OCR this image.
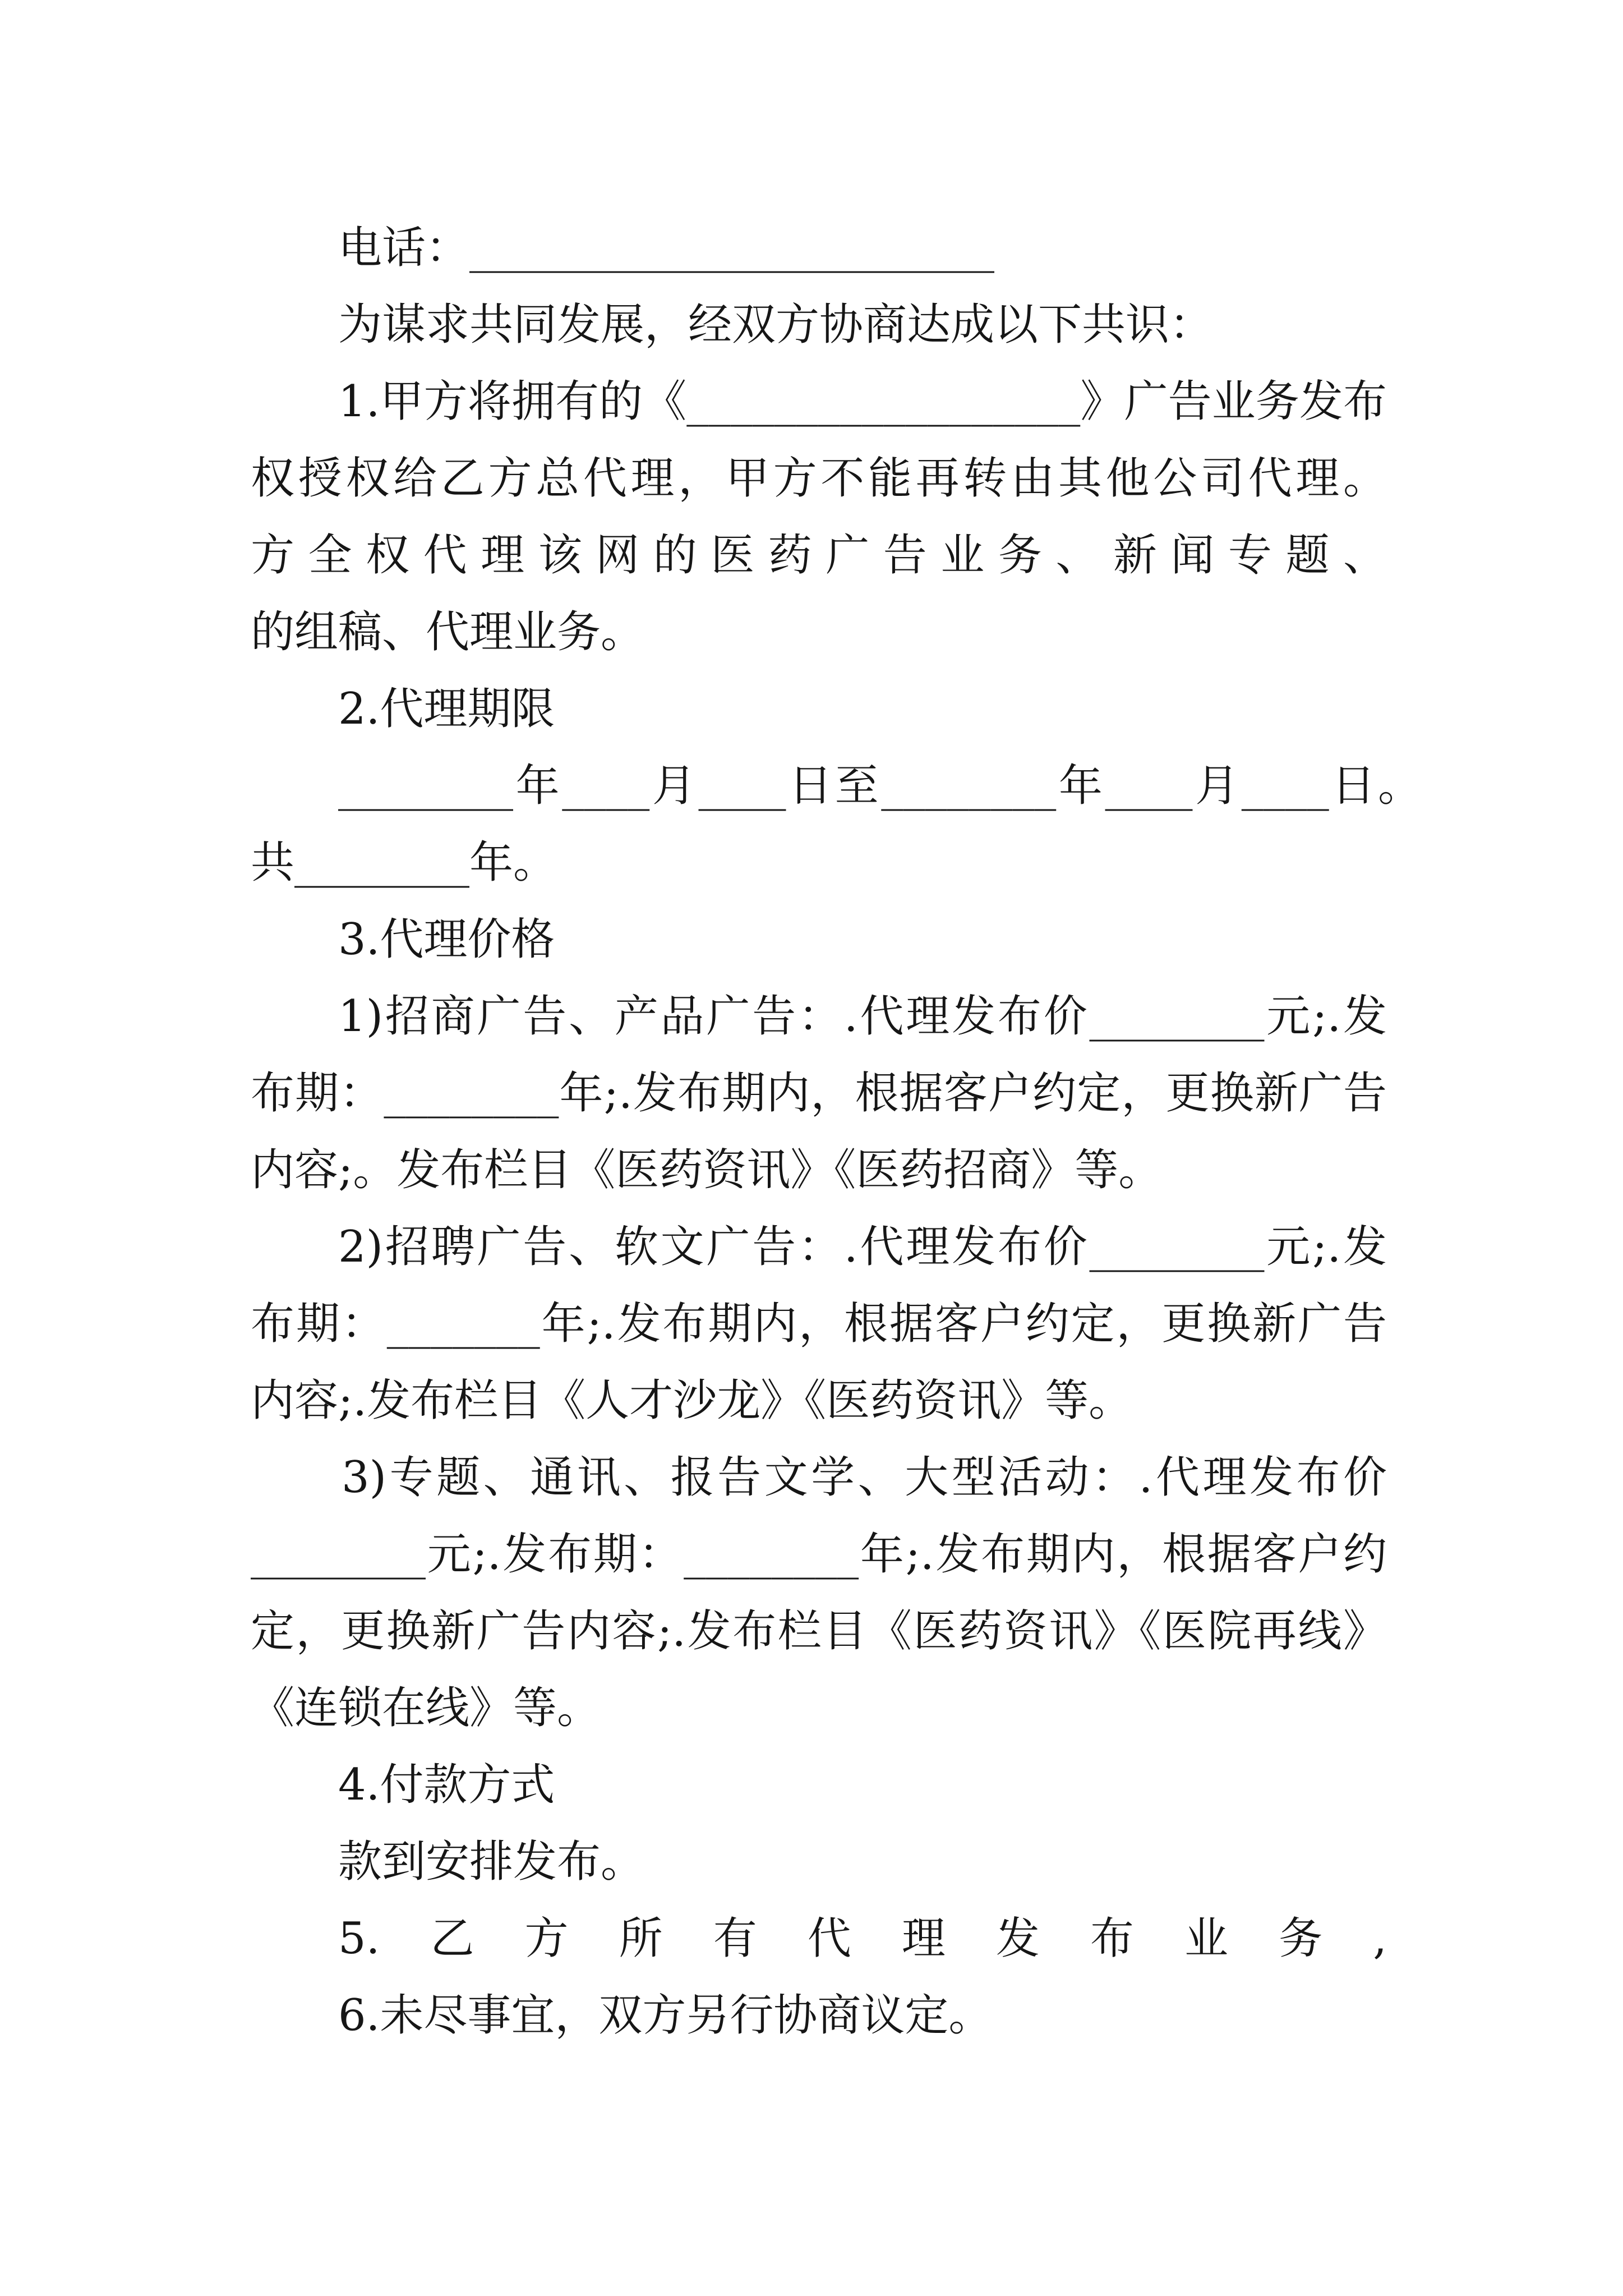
电话：________________________
为谋求共同发展，经双方协商达成以下共识：
1.甲方将拥有的《__________________》广告业务发布
权授权给乙方总代理，甲方不能再转由其他公司代理。
方全权代理该网的医药广告业务、新闻专题、
的组稿、代理业务。
2.代理期限
________年____月____日至________年____月____日。
共________年。
3.代理价格
1)招商广告、产品广告：.代理发布价________元;.发
布期：________年;.发布期内，根据客户约定，更换新广告
内容;。发布栏目《医药资讯》《医药招商》等。
2)招聘广告、软文广告：.代理发布价________元;.发
布期：_______年;.发布期内，根据客户约定，更换新广告
内容;.发布栏目《人才沙龙》《医药资讯》等。
3)专题、通讯、报告文学、大型活动：.代理发布价
________元;.发布期：________年;.发布期内，根据客户约
定，更换新广告内容;.发布栏目《医药资讯》《医院再线》
《连锁在线》等。
4.付款方式
款到安排发布。
5.乙方所有代理发布业务,
6.未尽事宜，双方另行协商议定。
